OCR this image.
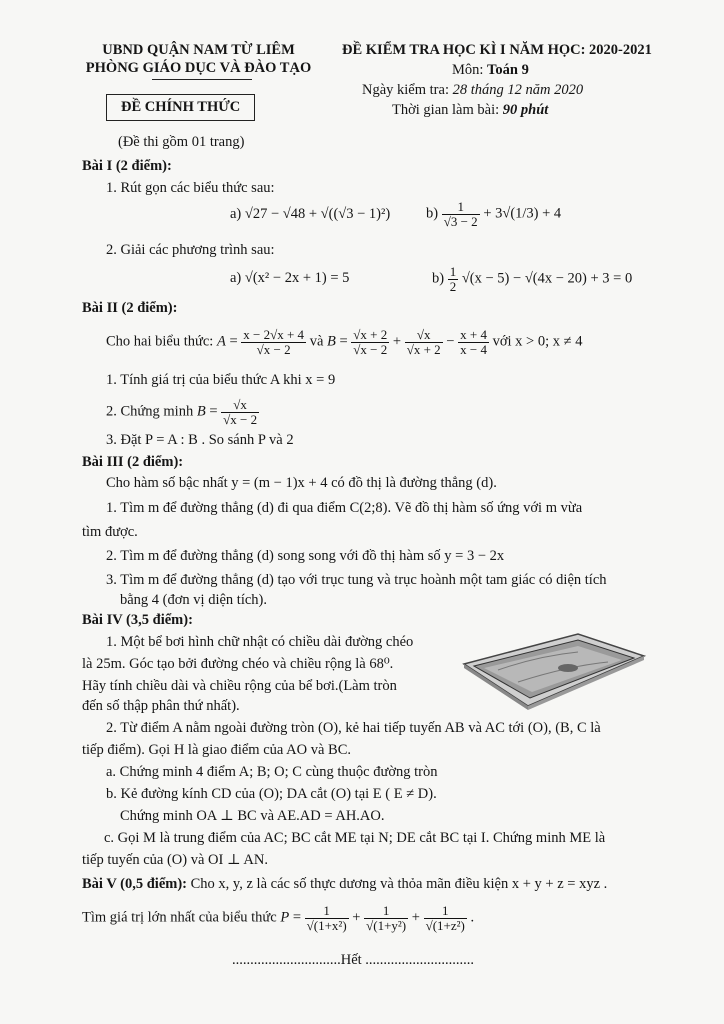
UBND QUẬN NAM TỪ LIÊM
PHÒNG GIÁO DỤC VÀ ĐÀO TẠO
ĐỀ KIỂM TRA HỌC KÌ I NĂM HỌC: 2020-2021
Môn: Toán 9
Ngày kiểm tra: 28 tháng 12 năm 2020
Thời gian làm bài: 90 phút
ĐỀ CHÍNH THỨC
(Đề thi gồm 01 trang)
Bài I (2 điểm):
1. Rút gọn các biểu thức sau:
a) √27 − √48 + √((√3 − 1)²) $b) \frac{1}{√3 - 2} + 3√(1/3) + 4$
2. Giải các phương trình sau:
a) √(x² − 2x + 1) = 5	$b) \frac{1}{2} √(x - 5) - √(4x - 20) + 3 = 0$
Bài II (2 điểm):
Cho hai biểu thức: $A = \frac{x - 2√x + 4}{√x - 2}$ và $B = \frac{√x + 2}{√x - 2} + \frac{√x}{√x + 2} - \frac{x + 4}{x - 4}$ với x > 0; x ≠ 4
1. Tính giá trị của biểu thức A khi x = 9
2. Chứng minh $B = \frac{√x}{√x - 2}$
3. Đặt P = A : B . So sánh P và 2
Bài III (2 điểm):
Cho hàm số bậc nhất y = (m − 1)x + 4 có đồ thị là đường thẳng (d).
1. Tìm m để đường thẳng (d) đi qua điểm C(2;8). Vẽ đồ thị hàm số ứng với m vừa
tìm được.
2. Tìm m để đường thẳng (d) song song với đồ thị hàm số y = 3 − 2x
3. Tìm m để đường thẳng (d) tạo với trục tung và trục hoành một tam giác có diện tích
bằng 4 (đơn vị diện tích).
Bài IV (3,5 điểm):
1. Một bể bơi hình chữ nhật có chiều dài đường chéo
là 25m. Góc tạo bởi đường chéo và chiều rộng là 68⁰.
Hãy tính chiều dài và chiều rộng của bể bơi.(Làm tròn
đến số thập phân thứ nhất).
2. Từ điểm A nằm ngoài đường tròn (O), kẻ hai tiếp tuyến AB và AC tới (O), (B, C là
tiếp điểm). Gọi H là giao điểm của AO và BC.
a. Chứng minh 4 điểm A; B; O; C cùng thuộc đường tròn
b. Kẻ đường kính CD của (O); DA cắt (O) tại E ( E ≠ D).
Chứng minh OA ⊥ BC và AE.AD = AH.AO.
c. Gọi M là trung điểm của AC; BC cắt ME tại N; DE cắt BC tại I. Chứng minh ME là
tiếp tuyến của (O) và OI ⊥ AN.
Bài V (0,5 điểm): Cho x, y, z là các số thực dương và thỏa mãn điều kiện x + y + z = xyz .
Tìm giá trị lớn nhất của biểu thức $P = \frac{1}{\text{√(1+x²)}} + \frac{1}{\text{√(1+y²)}} + \frac{1}{\text{√(1+z²)}}$ .
..............................Hết ..............................
